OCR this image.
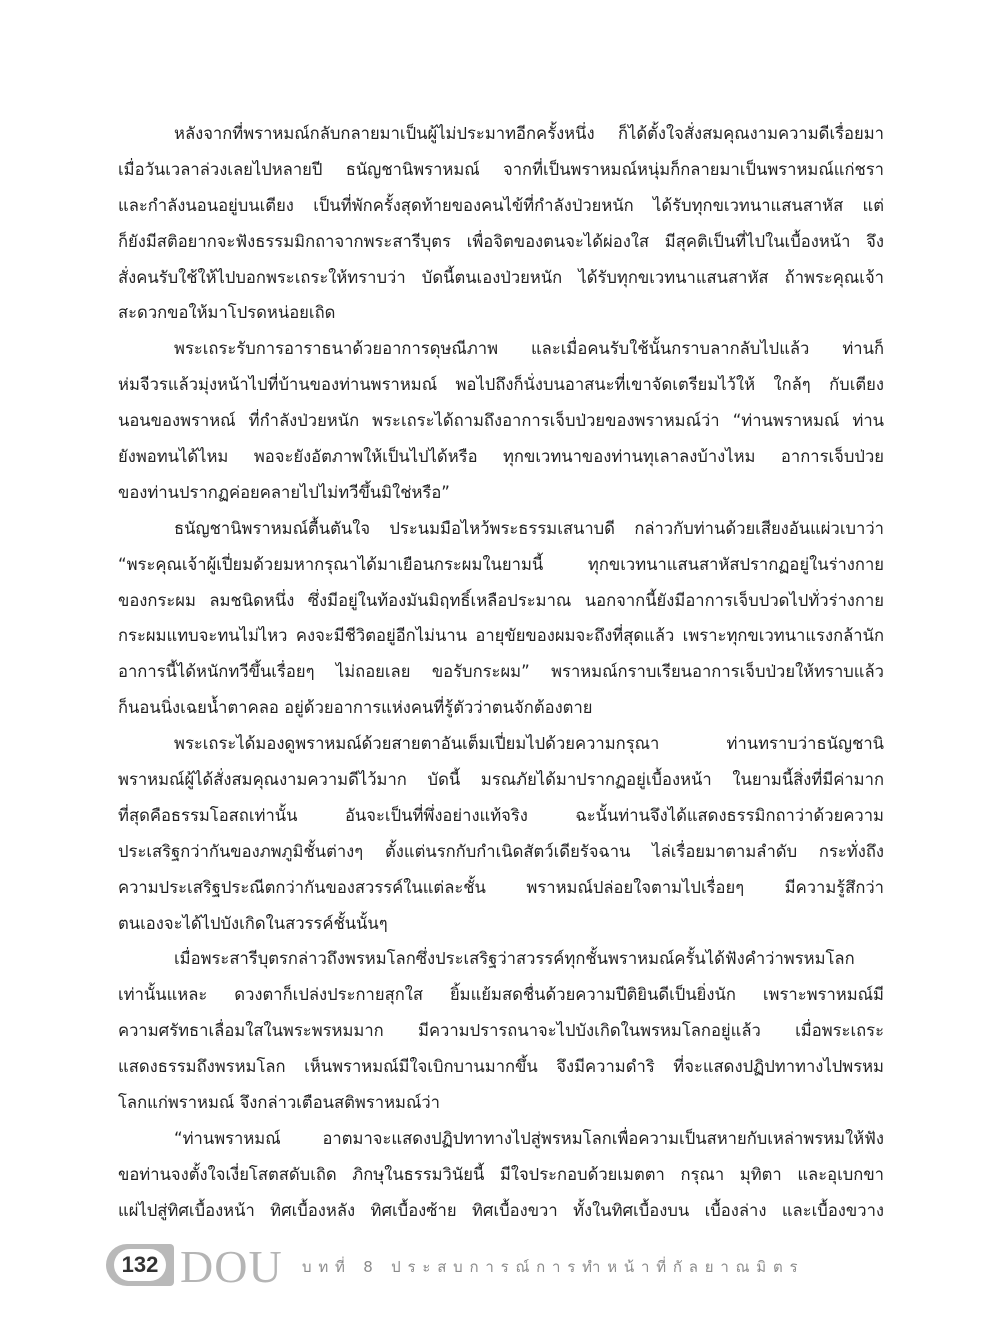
หลังจากที่พราหมณ์กลับกลายมาเป็นผู้ไม่ประมาทอีกครั้งหนึ่ง ก็ได้ตั้งใจสั่งสมคุณงามความดีเรื่อยมา
เมื่อวันเวลาล่วงเลยไปหลายปี ธนัญชานิพราหมณ์ จากที่เป็นพราหมณ์หนุ่มก็กลายมาเป็นพราหมณ์แก่ชรา
และกำลังนอนอยู่บนเตียง เป็นที่พักครั้งสุดท้ายของคนไข้ที่กำลังป่วยหนัก ได้รับทุกขเวทนาแสนสาหัส แต่
ก็ยังมีสติอยากจะฟังธรรมมิกถาจากพระสารีบุตร เพื่อจิตของตนจะได้ผ่องใส มีสุคติเป็นที่ไปในเบื้องหน้า จึง
สั่งคนรับใช้ให้ไปบอกพระเถระให้ทราบว่า บัดนี้ตนเองป่วยหนัก ได้รับทุกขเวทนาแสนสาหัส ถ้าพระคุณเจ้า
สะดวกขอให้มาโปรดหน่อยเถิด
พระเถระรับการอาราธนาด้วยอาการดุษณีภาพ และเมื่อคนรับใช้นั้นกราบลากลับไปแล้ว ท่านก็
ห่มจีวรแล้วมุ่งหน้าไปที่บ้านของท่านพราหมณ์ พอไปถึงก็นั่งบนอาสนะที่เขาจัดเตรียมไว้ให้ ใกล้ๆ กับเตียง
นอนของพราหณ์ ที่กำลังป่วยหนัก พระเถระได้ถามถึงอาการเจ็บป่วยของพราหมณ์ว่า “ท่านพราหมณ์ ท่าน
ยังพอทนได้ไหม พอจะยังอัตภาพให้เป็นไปได้หรือ ทุกขเวทนาของท่านทุเลาลงบ้างไหม อาการเจ็บป่วย
ของท่านปรากฏค่อยคลายไปไม่ทวีขึ้นมิใช่หรือ”
ธนัญชานิพราหมณ์ตื้นตันใจ ประนมมือไหว้พระธรรมเสนาบดี กล่าวกับท่านด้วยเสียงอันแผ่วเบาว่า
“พระคุณเจ้าผู้เปี่ยมด้วยมหากรุณาได้มาเยือนกระผมในยามนี้ ทุกขเวทนาแสนสาหัสปรากฏอยู่ในร่างกาย
ของกระผม ลมชนิดหนึ่ง ซึ่งมีอยู่ในท้องมันมิฤทธิ์เหลือประมาณ นอกจากนี้ยังมีอาการเจ็บปวดไปทั่วร่างกาย
กระผมแทบจะทนไม่ไหว คงจะมีชีวิตอยู่อีกไม่นาน อายุขัยของผมจะถึงที่สุดแล้ว เพราะทุกขเวทนาแรงกล้านัก
อาการนี้ได้หนักทวีขึ้นเรื่อยๆ ไม่ถอยเลย ขอรับกระผม” พราหมณ์กราบเรียนอาการเจ็บป่วยให้ทราบแล้ว
ก็นอนนิ่งเฉยน้ำตาคลอ อยู่ด้วยอาการแห่งคนที่รู้ตัวว่าตนจักต้องตาย
พระเถระได้มองดูพราหมณ์ด้วยสายตาอันเต็มเปี่ยมไปด้วยความกรุณา ท่านทราบว่าธนัญชานิ
พราหมณ์ผู้ได้สั่งสมคุณงามความดีไว้มาก บัดนี้ มรณภัยได้มาปรากฏอยู่เบื้องหน้า ในยามนี้สิ่งที่มีค่ามาก
ที่สุดคือธรรมโอสถเท่านั้น อันจะเป็นที่พึ่งอย่างแท้จริง ฉะนั้นท่านจึงได้แสดงธรรมิกถาว่าด้วยความ
ประเสริฐกว่ากันของภพภูมิชั้นต่างๆ ตั้งแต่นรกกับกำเนิดสัตว์เดียรัจฉาน ไล่เรื่อยมาตามลำดับ กระทั่งถึง
ความประเสริฐประณีตกว่ากันของสวรรค์ในแต่ละชั้น พราหมณ์ปล่อยใจตามไปเรื่อยๆ มีความรู้สึกว่า
ตนเองจะได้ไปบังเกิดในสวรรค์ชั้นนั้นๆ
เมื่อพระสารีบุตรกล่าวถึงพรหมโลกซึ่งประเสริฐว่าสวรรค์ทุกชั้นพราหมณ์ครั้นได้ฟังคำว่าพรหมโลก
เท่านั้นแหละ ดวงตาก็เปล่งประกายสุกใส ยิ้มแย้มสดชื่นด้วยความปีติยินดีเป็นยิ่งนัก เพราะพราหมณ์มี
ความศรัทธาเลื่อมใสในพระพรหมมาก มีความปรารถนาจะไปบังเกิดในพรหมโลกอยู่แล้ว เมื่อพระเถระ
แสดงธรรมถึงพรหมโลก เห็นพราหมณ์มีใจเบิกบานมากขึ้น จึงมีความดำริ ที่จะแสดงปฏิปทาทางไปพรหม
โลกแก่พราหมณ์ จึงกล่าวเตือนสติพราหมณ์ว่า
“ท่านพราหมณ์ อาตมาจะแสดงปฏิปทาทางไปสู่พรหมโลกเพื่อความเป็นสหายกับเหล่าพรหมให้ฟัง
ขอท่านจงตั้งใจเงี่ยโสตสดับเถิด ภิกษุในธรรมวินัยนี้ มีใจประกอบด้วยเมตตา กรุณา มุทิตา และอุเบกขา
แผ่ไปสู่ทิศเบื้องหน้า ทิศเบื้องหลัง ทิศเบื้องซ้าย ทิศเบื้องขวา ทั้งในทิศเบื้องบน เบื้องล่าง และเบื้องขวาง
132 DOU บทที่ 8 ประสบการณ์การทำหน้าที่กัลยาณมิตร
